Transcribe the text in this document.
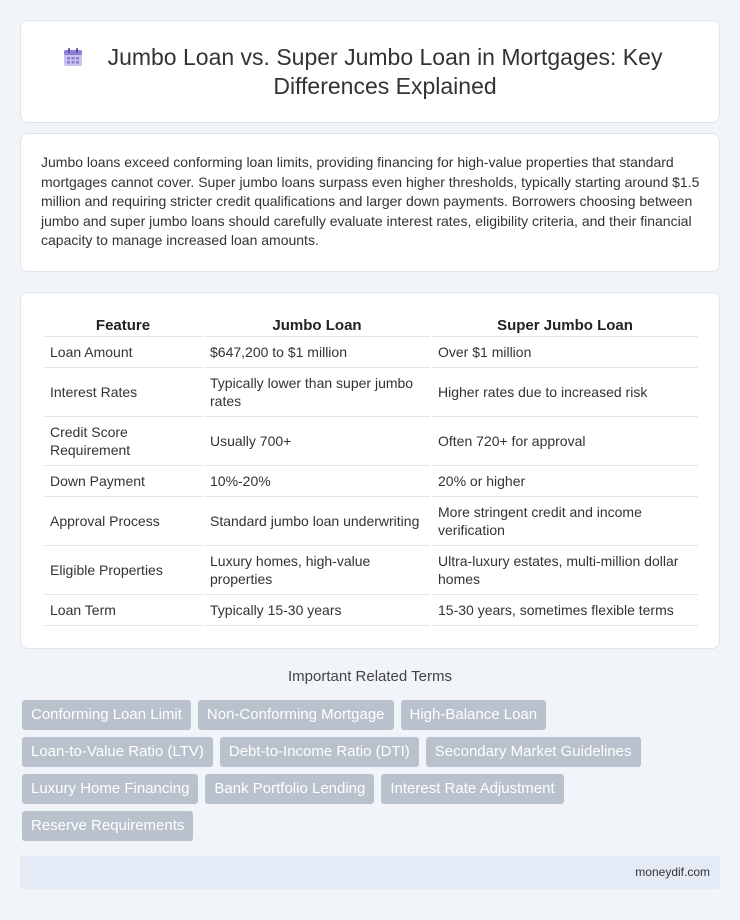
Jumbo Loan vs. Super Jumbo Loan in Mortgages: Key Differences Explained

Jumbo loans exceed conforming loan limits, providing financing for high-value properties that standard mortgages cannot cover. Super jumbo loans surpass even higher thresholds, typically starting around $1.5 million and requiring stricter credit qualifications and larger down payments. Borrowers choosing between jumbo and super jumbo loans should carefully evaluate interest rates, eligibility criteria, and their financial capacity to manage increased loan amounts.

Feature	Jumbo Loan	Super Jumbo Loan
Loan Amount	$647,200 to $1 million	Over $1 million
Interest Rates	Typically lower than super jumbo rates	Higher rates due to increased risk
Credit Score Requirement	Usually 700+	Often 720+ for approval
Down Payment	10%-20%	20% or higher
Approval Process	Standard jumbo loan underwriting	More stringent credit and income verification
Eligible Properties	Luxury homes, high-value properties	Ultra-luxury estates, multi-million dollar homes
Loan Term	Typically 15-30 years	15-30 years, sometimes flexible terms
Important Related Terms
Conforming Loan Limit	Non-Conforming Mortgage	High-Balance Loan
Loan-to-Value Ratio (LTV)	Debt-to-Income Ratio (DTI)	Secondary Market Guidelines
Luxury Home Financing	Bank Portfolio Lending	Interest Rate Adjustment
Reserve Requirements
moneydif.com
